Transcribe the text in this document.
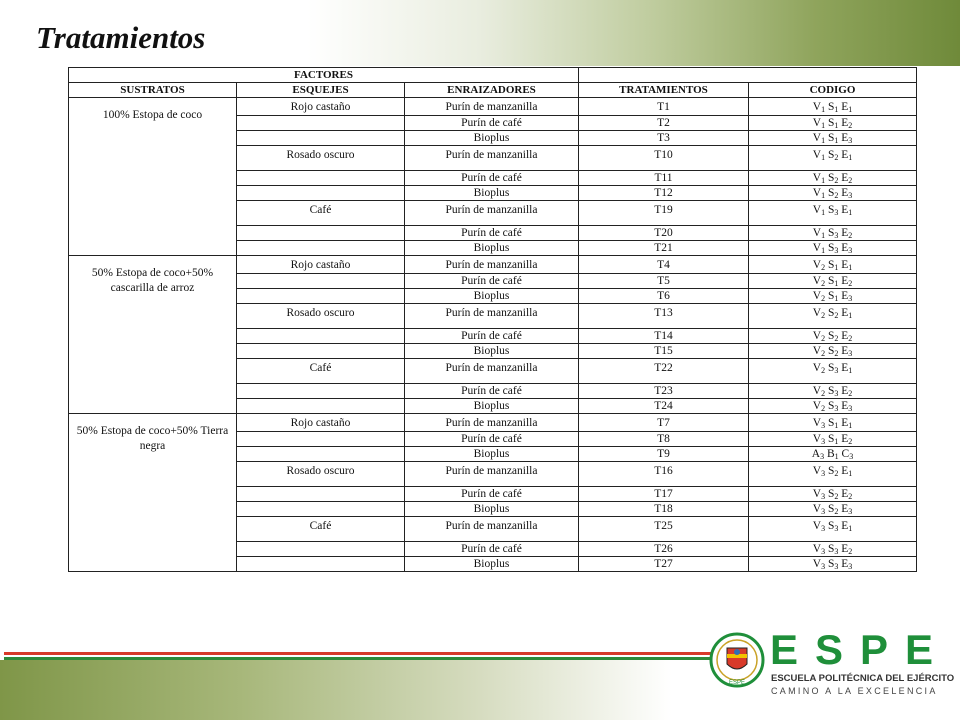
Tratamientos
FACTORES				
SUSTRATOS	ESQUEJES	ENRAIZADORES	TRATAMIENTOS	CODIGO
100% Estopa de coco	Rojo castaño	Purín de manzanilla	T1	$V_1$ $S_1$ $E_1$
		Purín de café	T2	$V_1$ $S_1$ $E_2$
		Bioplus	T3	$V_1$ $S_1$ $E_3$
	Rosado oscuro	Purín de manzanilla	T10	$V_1$ $S_2$ $E_1$
		Purín de café	T11	$V_1$ $S_2$ $E_2$
		Bioplus	T12	$V_1$ $S_2$ $E_3$
	Café	Purín de manzanilla	T19	$V_1$ $S_3$ $E_1$
		Purín de café	T20	$V_1$ $S_3$ $E_2$
		Bioplus	T21	$V_1$ $S_3$ $E_3$
50% Estopa de coco+50% cascarilla de arroz	Rojo castaño	Purín de manzanilla	T4	$V_2$ $S_1$ $E_1$
		Purín de café	T5	$V_2$ $S_1$ $E_2$
		Bioplus	T6	$V_2$ $S_1$ $E_3$
	Rosado oscuro	Purín de manzanilla	T13	$V_2$ $S_2$ $E_1$
		Purín de café	T14	$V_2$ $S_2$ $E_2$
		Bioplus	T15	$V_2$ $S_2$ $E_3$
	Café	Purín de manzanilla	T22	$V_2$ $S_3$ $E_1$
		Purín de café	T23	$V_2$ $S_3$ $E_2$
		Bioplus	T24	$V_2$ $S_3$ $E_3$
50% Estopa de coco+50% Tierra negra	Rojo castaño	Purín de manzanilla	T7	$V_3$ $S_1$ $E_1$
		Purín de café	T8	$V_3$ $S_1$ $E_2$
		Bioplus	T9	$A_3$ $B_1$ $C_3$
	Rosado oscuro	Purín de manzanilla	T16	$V_3$ $S_2$ $E_1$
		Purín de café	T17	$V_3$ $S_2$ $E_2$
		Bioplus	T18	$V_3$ $S_2$ $E_3$
	Café	Purín de manzanilla	T25	$V_3$ $S_3$ $E_1$
		Purín de café	T26	$V_3$ $S_3$ $E_2$
		Bioplus	T27	$V_3$ $S_3$ $E_3$
ESPE

ESPE

ESCUELA POLITÉCNICA DEL EJÉRCITO

CAMINO A LA EXCELENCIA
